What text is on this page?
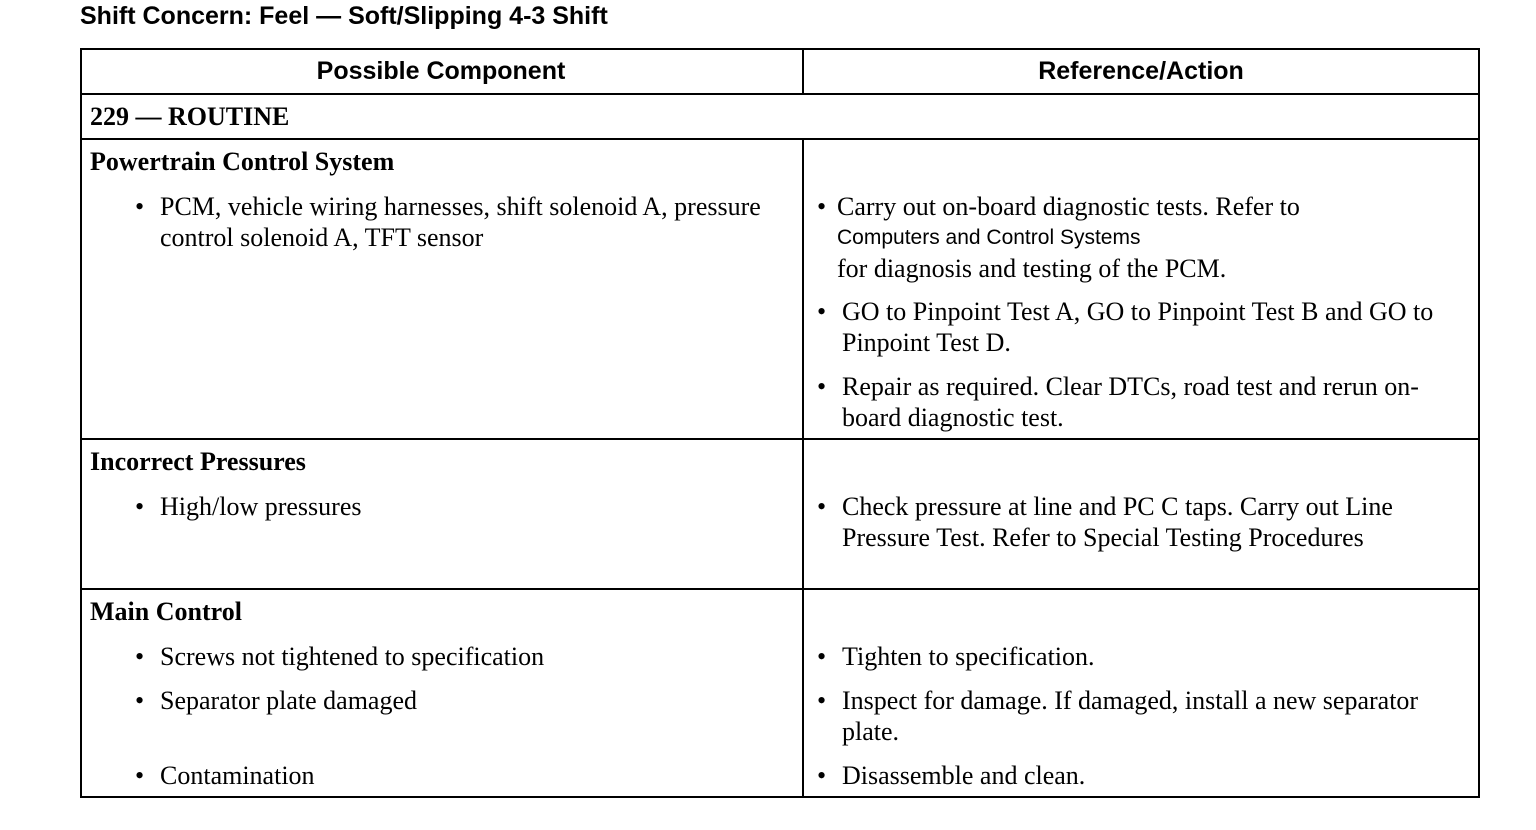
Shift Concern: Feel — Soft/Slipping 4-3 Shift
Possible Component	Reference/Action
229 — ROUTINE
Powertrain Control System
• PCM, vehicle wiring harnesses, shift solenoid A, pressure control solenoid A, TFT sensor
• Carry out on-board diagnostic tests. Refer to
Computers and Control Systems
for diagnosis and testing of the PCM.
• GO to Pinpoint Test A, GO to Pinpoint Test B and GO to Pinpoint Test D.
• Repair as required. Clear DTCs, road test and rerun on-board diagnostic test.
Incorrect Pressures
• High/low pressures	• Check pressure at line and PC C taps. Carry out Line Pressure Test. Refer to Special Testing Procedures
Main Control
• Screws not tightened to specification
• Separator plate damaged
• Contamination
• Tighten to specification.
• Inspect for damage. If damaged, install a new separator plate.
• Disassemble and clean.
